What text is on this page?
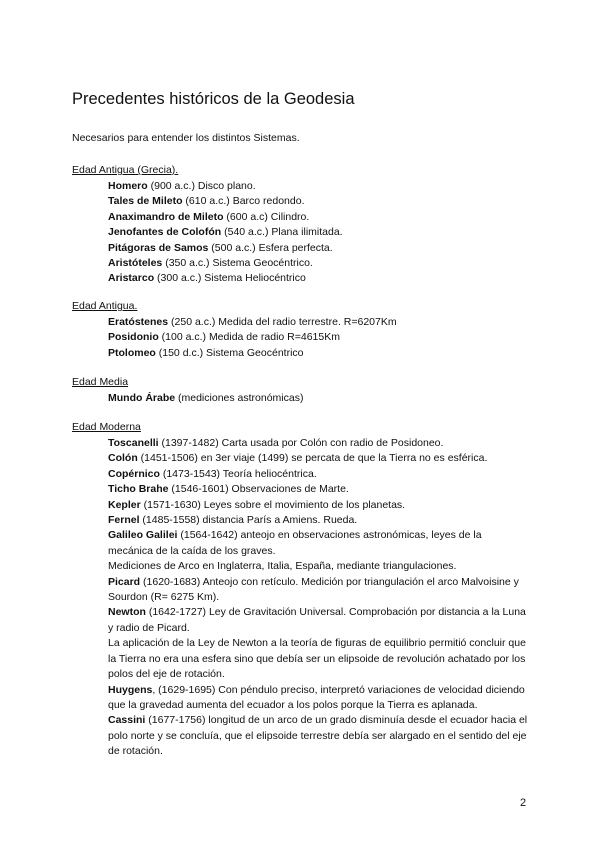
Precedentes históricos de la Geodesia

Necesarios para entender los distintos Sistemas.

Edad Antigua (Grecia).

Homero (900 a.c.) Disco plano.

Tales de Mileto (610 a.c.) Barco redondo.

Anaximandro de Mileto (600 a.c) Cilindro.

Jenofantes de Colofón (540 a.c.) Plana ilimitada.

Pitágoras de Samos (500 a.c.) Esfera perfecta.

Aristóteles (350 a.c.) Sistema Geocéntrico.

Aristarco (300 a.c.) Sistema Heliocéntrico

Edad Antigua.

Eratóstenes (250 a.c.) Medida del radio terrestre. R=6207Km

Posidonio (100 a.c.) Medida de radio R=4615Km

Ptolomeo (150 d.c.) Sistema Geocéntrico

Edad Media

Mundo Árabe (mediciones astronómicas)

Edad Moderna

Toscanelli (1397-1482) Carta usada por Colón con radio de Posidoneo.

Colón (1451-1506) en 3er viaje (1499) se percata de que la Tierra no es esférica.

Copérnico (1473-1543) Teoría heliocéntrica.

Ticho Brahe (1546-1601) Observaciones de Marte.

Kepler (1571-1630) Leyes sobre el movimiento de los planetas.

Fernel (1485-1558) distancia París a Amiens. Rueda.

Galileo Galilei (1564-1642) anteojo en observaciones astronómicas, leyes de la mecánica de la caída de los graves.

Mediciones de Arco en Inglaterra, Italia, España, mediante triangulaciones.

Picard (1620-1683) Anteojo con retículo. Medición por triangulación el arco Malvoisine y Sourdon (R= 6275 Km).

Newton (1642-1727) Ley de Gravitación Universal. Comprobación por distancia a la Luna y radio de Picard.

La aplicación de la Ley de Newton a la teoría de figuras de equilibrio permitió concluir que la Tierra no era una esfera sino que debía ser un elipsoide de revolución achatado por los polos del eje de rotación.

Huygens, (1629-1695) Con péndulo preciso, interpretó variaciones de velocidad diciendo que la gravedad aumenta del ecuador a los polos porque la Tierra es aplanada.

Cassini (1677-1756) longitud de un arco de un grado disminuía desde el ecuador hacia el polo norte y se concluía, que el elipsoide terrestre debía ser alargado en el sentido del eje de rotación.

2
